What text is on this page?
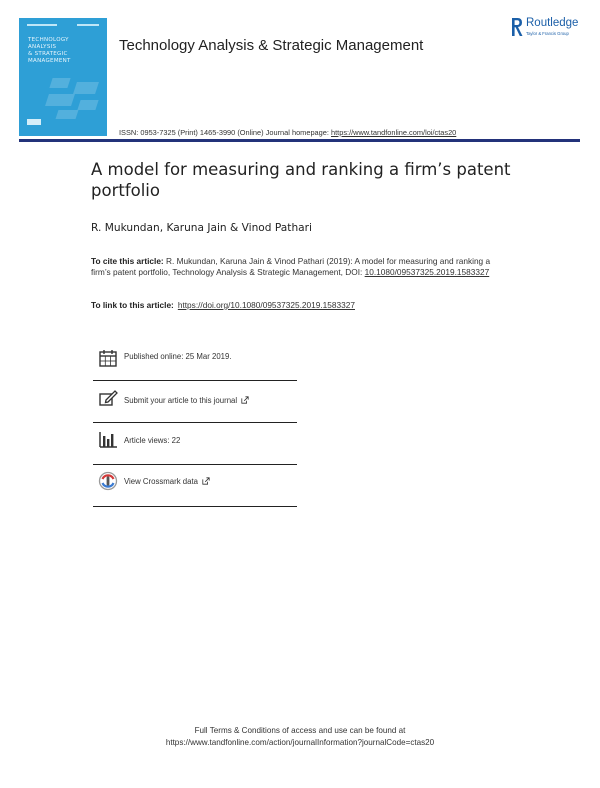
TECHNOLOGY
ANALYSIS
& STRATEGIC
MANAGEMENT
Technology Analysis & Strategic Management
Routledge
Taylor & Francis Group
ISSN: 0953-7325 (Print) 1465-3990 (Online) Journal homepage: https://www.tandfonline.com/loi/ctas20
A model for measuring and ranking a firm’s patent portfolio
R. Mukundan, Karuna Jain & Vinod Pathari
To cite this article: R. Mukundan, Karuna Jain & Vinod Pathari (2019): A model for measuring and ranking a firm’s patent portfolio, Technology Analysis & Strategic Management, DOI: 10.1080/09537325.2019.1583327
To link to this article: https://doi.org/10.1080/09537325.2019.1583327
Published online: 25 Mar 2019.
Submit your article to this journal
Article views: 22
View Crossmark data
Full Terms & Conditions of access and use can be found at
https://www.tandfonline.com/action/journalInformation?journalCode=ctas20
